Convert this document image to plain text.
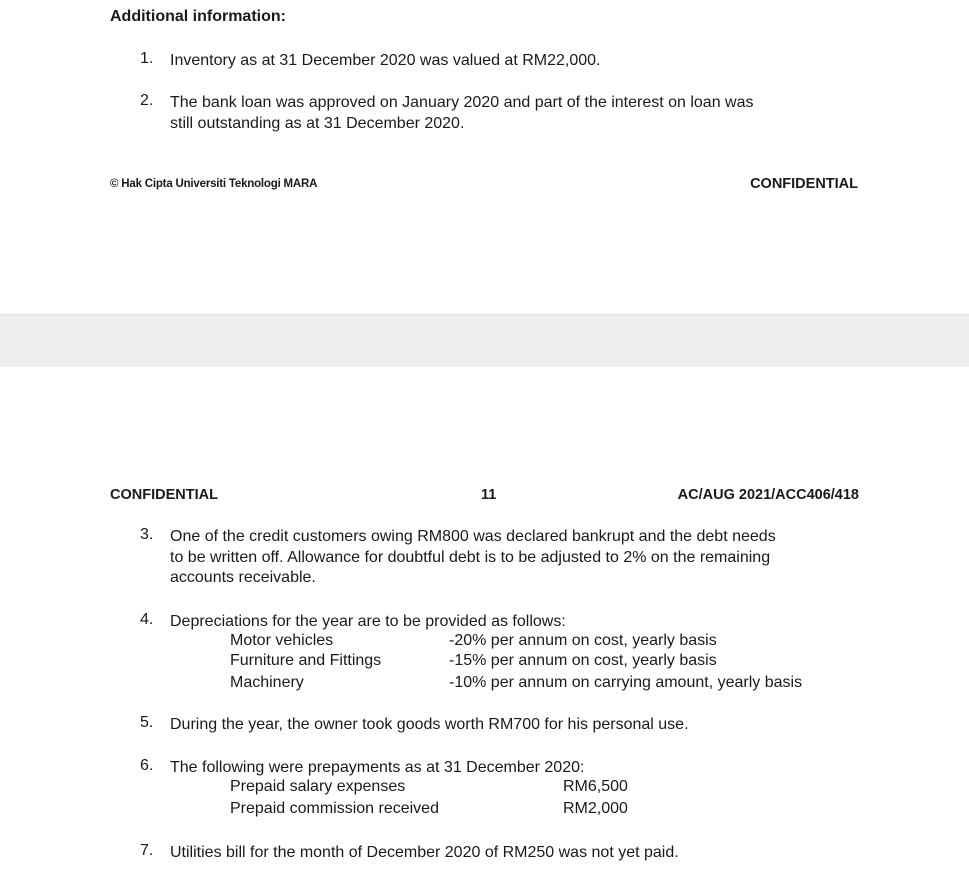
Additional information:
1. Inventory as at 31 December 2020 was valued at RM22,000.
2. The bank loan was approved on January 2020 and part of the interest on loan was
still outstanding as at 31 December 2020.
© Hak Cipta Universiti Teknologi MARA	CONFIDENTIAL
CONFIDENTIAL	11	AC/AUG 2021/ACC406/418
3. One of the credit customers owing RM800 was declared bankrupt and the debt needs
to be written off. Allowance for doubtful debt is to be adjusted to 2% on the remaining
accounts receivable.
4. Depreciations for the year are to be provided as follows:
Motor vehicles	-20% per annum on cost, yearly basis
Furniture and Fittings	-15% per annum on cost, yearly basis
Machinery	-10% per annum on carrying amount, yearly basis
5. During the year, the owner took goods worth RM700 for his personal use.
6. The following were prepayments as at 31 December 2020:
Prepaid salary expenses	RM6,500
Prepaid commission received	RM2,000
7. Utilities bill for the month of December 2020 of RM250 was not yet paid.
